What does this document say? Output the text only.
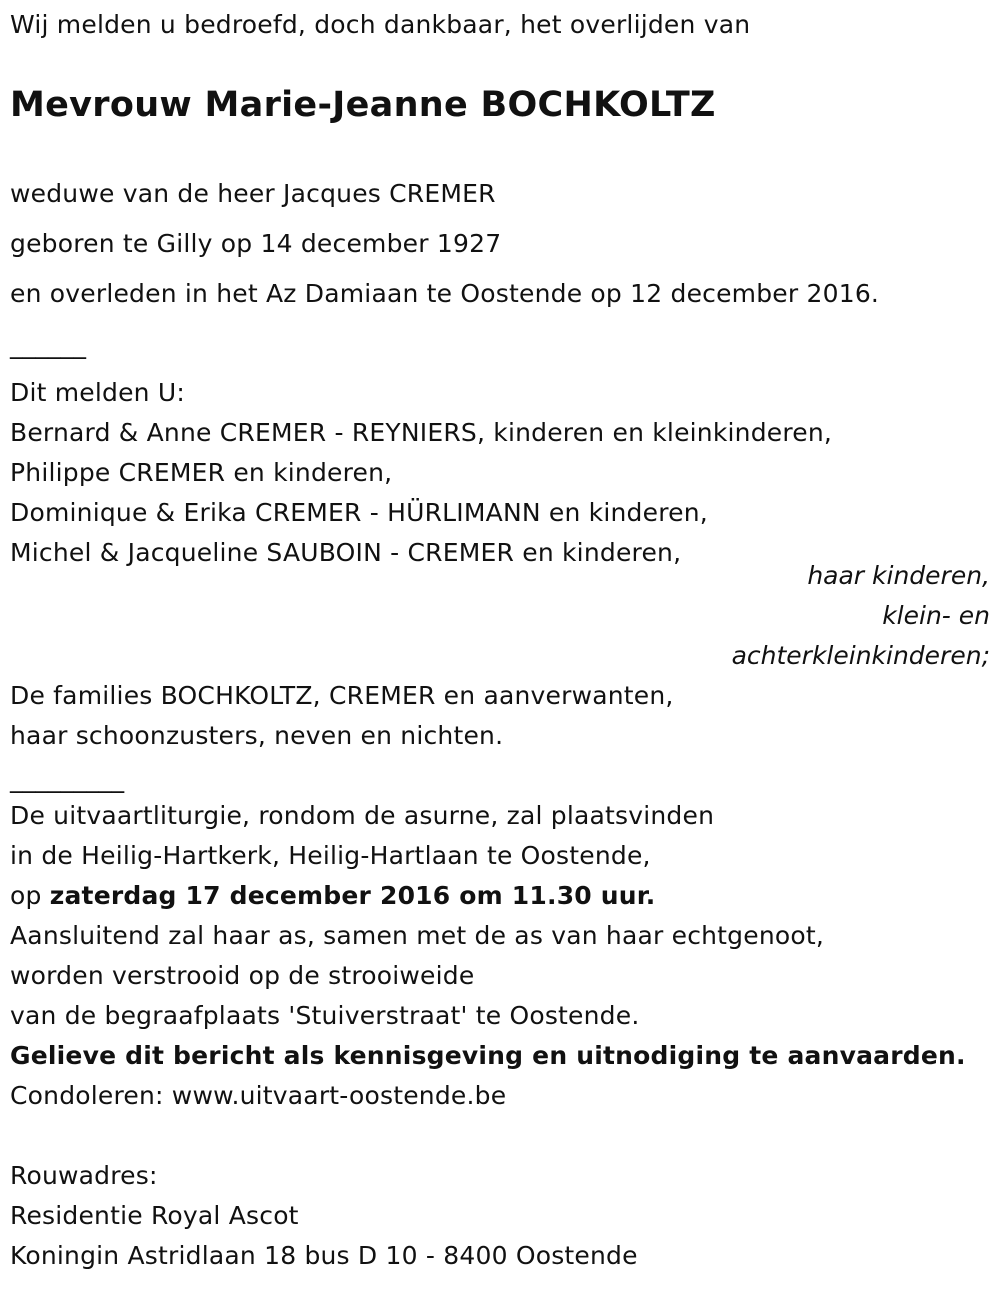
Wij melden u bedroefd, doch dankbaar, het overlijden van
Mevrouw Marie-Jeanne BOCHKOLTZ
weduwe van de heer Jacques CREMER
geboren te Gilly op 14 december 1927
en overleden in het Az Damiaan te Oostende op 12 december 2016.
______
Dit melden U:
Bernard & Anne CREMER - REYNIERS, kinderen en kleinkinderen,
Philippe CREMER en kinderen,
Dominique & Erika CREMER - HÜRLIMANN en kinderen,
Michel & Jacqueline SAUBOIN - CREMER en kinderen,
haar kinderen,
klein- en
achterkleinkinderen;
De families BOCHKOLTZ, CREMER en aanverwanten,
haar schoonzusters, neven en nichten.
_________
De uitvaartliturgie, rondom de asurne, zal plaatsvinden
in de Heilig-Hartkerk, Heilig-Hartlaan te Oostende,
op zaterdag 17 december 2016 om 11.30 uur.
Aansluitend zal haar as, samen met de as van haar echtgenoot,
worden verstrooid op de strooiweide
van de begraafplaats 'Stuiverstraat' te Oostende.
Gelieve dit bericht als kennisgeving en uitnodiging te aanvaarden.
Condoleren: www.uitvaart-oostende.be
Rouwadres:
Residentie Royal Ascot
Koningin Astridlaan 18 bus D 10 - 8400 Oostende
